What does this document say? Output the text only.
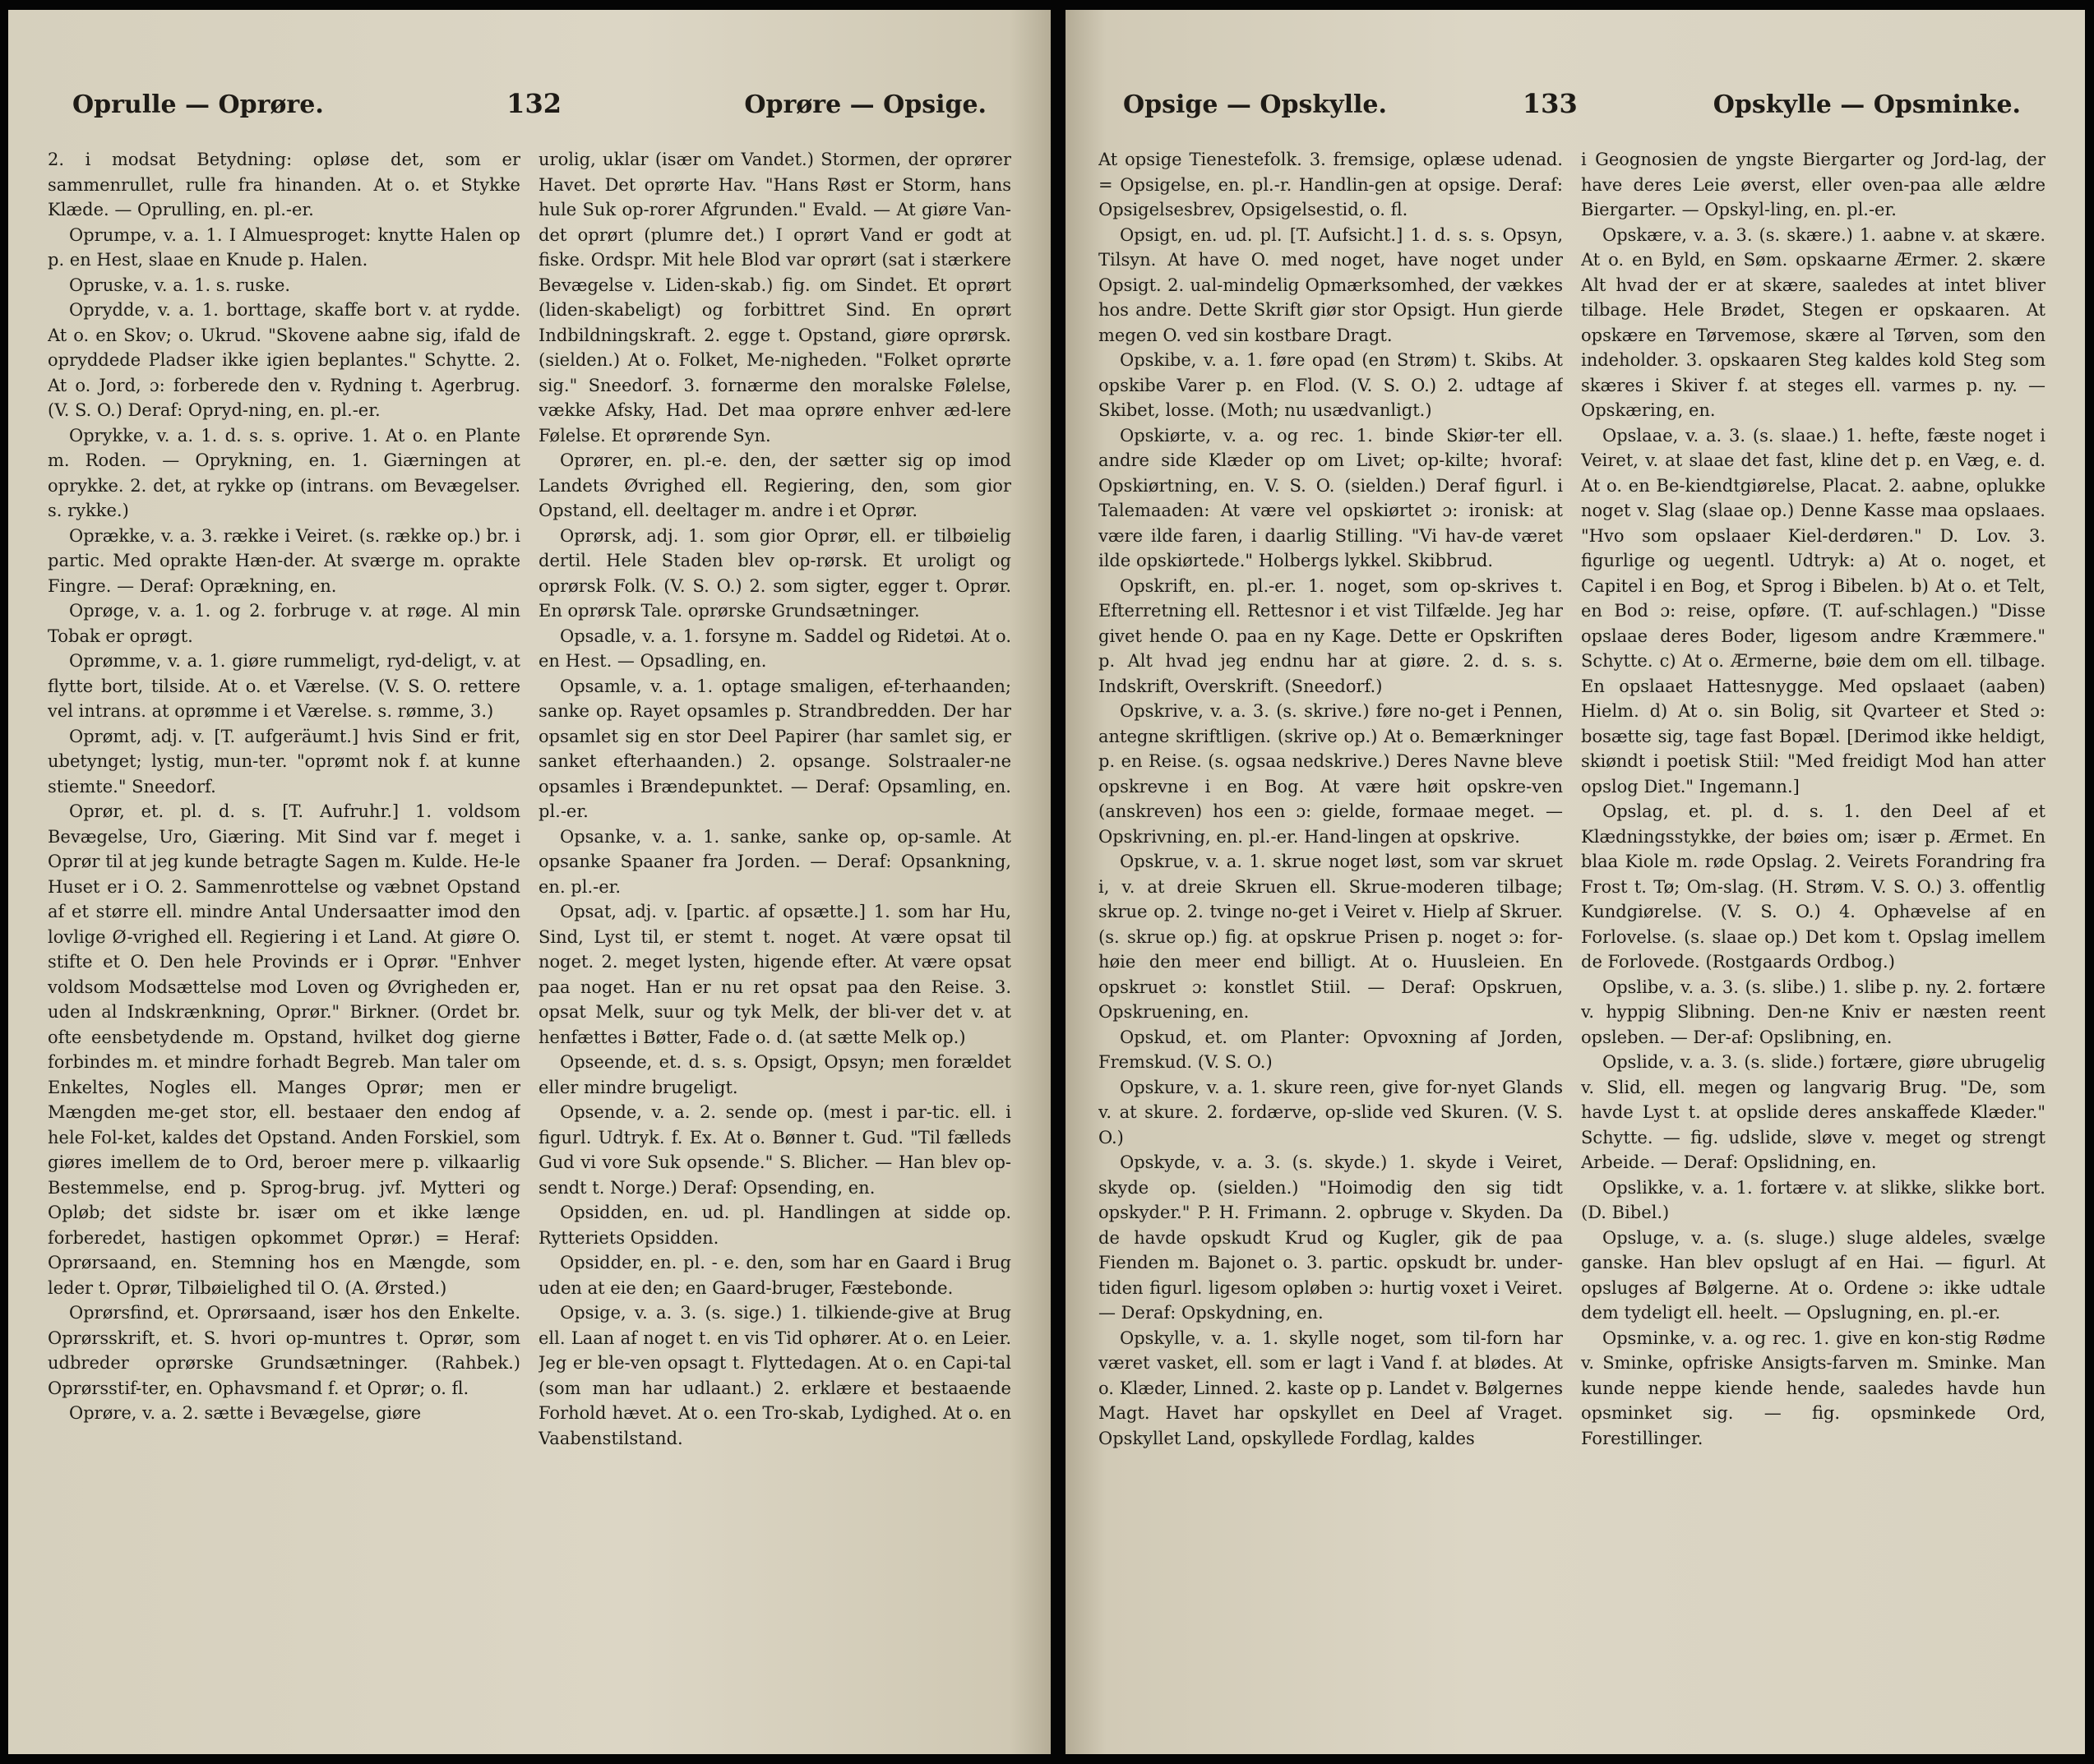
Oprulle — Oprøre.	132	Oprøre — Opsige.

2. i modsat Betydning: opløse det, som er sammenrullet, rulle fra hinanden. At o. et Stykke Klæde. — Oprulling, en. pl.-er.

Oprumpe, v. a. 1. I Almuesproget: knytte Halen op p. en Hest, slaae en Knude p. Halen.

Opruske, v. a. 1. s. ruske.

Oprydde, v. a. 1. borttage, skaffe bort v. at rydde. At o. en Skov; o. Ukrud. "Skovene aabne sig, ifald de opryddede Pladser ikke igien beplantes." Schytte. 2. At o. Jord, ɔ: forberede den v. Rydning t. Agerbrug. (V. S. O.) Deraf: Opryd-ning, en. pl.-er.

Oprykke, v. a. 1. d. s. s. oprive. 1. At o. en Plante m. Roden. — Oprykning, en. 1. Giærningen at oprykke. 2. det, at rykke op (intrans. om Bevægelser. s. rykke.)

Oprække, v. a. 3. række i Veiret. (s. række op.) br. i partic. Med oprakte Hæn-der. At sværge m. oprakte Fingre. — Deraf: Oprækning, en.

Oprøge, v. a. 1. og 2. forbruge v. at røge. Al min Tobak er oprøgt.

Oprømme, v. a. 1. giøre rummeligt, ryd-deligt, v. at flytte bort, tilside. At o. et Værelse. (V. S. O. rettere vel intrans. at oprømme i et Værelse. s. rømme, 3.)

Oprømt, adj. v. [T. aufgeräumt.] hvis Sind er frit, ubetynget; lystig, mun-ter. "oprømt nok f. at kunne stiemte." Sneedorf.

Oprør, et. pl. d. s. [T. Aufruhr.] 1. voldsom Bevægelse, Uro, Giæring. Mit Sind var f. meget i Oprør til at jeg kunde betragte Sagen m. Kulde. He-le Huset er i O. 2. Sammenrottelse og væbnet Opstand af et større ell. mindre Antal Undersaatter imod den lovlige Ø-vrighed ell. Regiering i et Land. At giøre O. stifte et O. Den hele Provinds er i Oprør. "Enhver voldsom Modsættelse mod Loven og Øvrigheden er, uden al Indskrænkning, Oprør." Birkner. (Ordet br. ofte eensbetydende m. Opstand, hvilket dog gierne forbindes m. et mindre forhadt Begreb. Man taler om Enkeltes, Nogles ell. Manges Oprør; men er Mængden me-get stor, ell. bestaaer den endog af hele Fol-ket, kaldes det Opstand. Anden Forskiel, som giøres imellem de to Ord, beroer mere p. vilkaarlig Bestemmelse, end p. Sprog-brug. jvf. Mytteri og Opløb; det sidste br. især om et ikke længe forberedet, hastigen opkommet Oprør.) = Heraf: Oprørsaand, en. Stemning hos en Mængde, som leder t. Oprør, Tilbøielighed til O. (A. Ørsted.)

Oprørsfind, et. Oprørsaand, især hos den Enkelte. Oprørsskrift, et. S. hvori op-muntres t. Oprør, som udbreder oprørske Grundsætninger. (Rahbek.) Oprørsstif-ter, en. Ophavsmand f. et Oprør; o. fl.

Oprøre, v. a. 2. sætte i Bevægelse, giøre

urolig, uklar (især om Vandet.) Stormen, der oprører Havet. Det oprørte Hav. "Hans Røst er Storm, hans hule Suk op-rorer Afgrunden." Evald. — At giøre Van-det oprørt (plumre det.) I oprørt Vand er godt at fiske. Ordspr. Mit hele Blod var oprørt (sat i stærkere Bevægelse v. Liden-skab.) fig. om Sindet. Et oprørt (liden-skabeligt) og forbittret Sind. En oprørt Indbildningskraft. 2. egge t. Opstand, giøre oprørsk. (sielden.) At o. Folket, Me-nigheden. "Folket oprørte sig." Sneedorf. 3. fornærme den moralske Følelse, vække Afsky, Had. Det maa oprøre enhver æd-lere Følelse. Et oprørende Syn.

Oprører, en. pl.-e. den, der sætter sig op imod Landets Øvrighed ell. Regiering, den, som gior Opstand, ell. deeltager m. andre i et Oprør.

Oprørsk, adj. 1. som gior Oprør, ell. er tilbøielig dertil. Hele Staden blev op-rørsk. Et uroligt og oprørsk Folk. (V. S. O.) 2. som sigter, egger t. Oprør. En oprørsk Tale. oprørske Grundsætninger.

Opsadle, v. a. 1. forsyne m. Saddel og Ridetøi. At o. en Hest. — Opsadling, en.

Opsamle, v. a. 1. optage smaligen, ef-terhaanden; sanke op. Rayet opsamles p. Strandbredden. Der har opsamlet sig en stor Deel Papirer (har samlet sig, er sanket efterhaanden.) 2. opsange. Solstraaler-ne opsamles i Brændepunktet. — Deraf: Opsamling, en. pl.-er.

Opsanke, v. a. 1. sanke, sanke op, op-samle. At opsanke Spaaner fra Jorden. — Deraf: Opsankning, en. pl.-er.

Opsat, adj. v. [partic. af opsætte.] 1. som har Hu, Sind, Lyst til, er stemt t. noget. At være opsat til noget. 2. meget lysten, higende efter. At være opsat paa noget. Han er nu ret opsat paa den Reise. 3. opsat Melk, suur og tyk Melk, der bli-ver det v. at henfættes i Bøtter, Fade o. d. (at sætte Melk op.)

Opseende, et. d. s. s. Opsigt, Opsyn; men forældet eller mindre brugeligt.

Opsende, v. a. 2. sende op. (mest i par-tic. ell. i figurl. Udtryk. f. Ex. At o. Bønner t. Gud. "Til fælleds Gud vi vore Suk opsende." S. Blicher. — Han blev op-sendt t. Norge.) Deraf: Opsending, en.

Opsidden, en. ud. pl. Handlingen at sidde op. Rytteriets Opsidden.

Opsidder, en. pl. - e. den, som har en Gaard i Brug uden at eie den; en Gaard-bruger, Fæstebonde.

Opsige, v. a. 3. (s. sige.) 1. tilkiende-give at Brug ell. Laan af noget t. en vis Tid ophører. At o. en Leier. Jeg er ble-ven opsagt t. Flyttedagen. At o. en Capi-tal (som man har udlaant.) 2. erklære et bestaaende Forhold hævet. At o. een Tro-skab, Lydighed. At o. en Vaabenstilstand.

Opsige — Opskylle.	133	Opskylle — Opsminke.

At opsige Tienestefolk. 3. fremsige, oplæse udenad. = Opsigelse, en. pl.-r. Handlin-gen at opsige. Deraf: Opsigelsesbrev, Opsigelsestid, o. fl.

Opsigt, en. ud. pl. [T. Aufsicht.] 1. d. s. s. Opsyn, Tilsyn. At have O. med noget, have noget under Opsigt. 2. ual-mindelig Opmærksomhed, der vækkes hos andre. Dette Skrift giør stor Opsigt. Hun gierde megen O. ved sin kostbare Dragt.

Opskibe, v. a. 1. føre opad (en Strøm) t. Skibs. At opskibe Varer p. en Flod. (V. S. O.) 2. udtage af Skibet, losse. (Moth; nu usædvanligt.)

Opskiørte, v. a. og rec. 1. binde Skiør-ter ell. andre side Klæder op om Livet; op-kilte; hvoraf: Opskiørtning, en. V. S. O. (sielden.) Deraf figurl. i Talemaaden: At være vel opskiørtet ɔ: ironisk: at være ilde faren, i daarlig Stilling. "Vi hav-de været ilde opskiørtede." Holbergs lykkel. Skibbrud.

Opskrift, en. pl.-er. 1. noget, som op-skrives t. Efterretning ell. Rettesnor i et vist Tilfælde. Jeg har givet hende O. paa en ny Kage. Dette er Opskriften p. Alt hvad jeg endnu har at giøre. 2. d. s. s. Indskrift, Overskrift. (Sneedorf.)

Opskrive, v. a. 3. (s. skrive.) føre no-get i Pennen, antegne skriftligen. (skrive op.) At o. Bemærkninger p. en Reise. (s. ogsaa nedskrive.) Deres Navne bleve opskrevne i en Bog. At være høit opskre-ven (anskreven) hos een ɔ: gielde, formaae meget. — Opskrivning, en. pl.-er. Hand-lingen at opskrive.

Opskrue, v. a. 1. skrue noget løst, som var skruet i, v. at dreie Skruen ell. Skrue-moderen tilbage; skrue op. 2. tvinge no-get i Veiret v. Hielp af Skruer. (s. skrue op.) fig. at opskrue Prisen p. noget ɔ: for-høie den meer end billigt. At o. Huusleien. En opskruet ɔ: konstlet Stiil. — Deraf: Opskruen, Opskruening, en.

Opskud, et. om Planter: Opvoxning af Jorden, Fremskud. (V. S. O.)

Opskure, v. a. 1. skure reen, give for-nyet Glands v. at skure. 2. fordærve, op-slide ved Skuren. (V. S. O.)

Opskyde, v. a. 3. (s. skyde.) 1. skyde i Veiret, skyde op. (sielden.) "Hoimodig den sig tidt opskyder." P. H. Frimann. 2. opbruge v. Skyden. Da de havde opskudt Krud og Kugler, gik de paa Fienden m. Bajonet o. 3. partic. opskudt br. under-tiden figurl. ligesom opløben ɔ: hurtig voxet i Veiret. — Deraf: Opskydning, en.

Opskylle, v. a. 1. skylle noget, som til-forn har været vasket, ell. som er lagt i Vand f. at blødes. At o. Klæder, Linned. 2. kaste op p. Landet v. Bølgernes Magt. Havet har opskyllet en Deel af Vraget. Opskyllet Land, opskyllede Fordlag, kaldes

i Geognosien de yngste Biergarter og Jord-lag, der have deres Leie øverst, eller oven-paa alle ældre Biergarter. — Opskyl-ling, en. pl.-er.

Opskære, v. a. 3. (s. skære.) 1. aabne v. at skære. At o. en Byld, en Søm. opskaarne Ærmer. 2. skære Alt hvad der er at skære, saaledes at intet bliver tilbage. Hele Brødet, Stegen er opskaaren. At opskære en Tørvemose, skære al Tørven, som den indeholder. 3. opskaaren Steg kaldes kold Steg som skæres i Skiver f. at steges ell. varmes p. ny. — Opskæring, en.

Opslaae, v. a. 3. (s. slaae.) 1. hefte, fæste noget i Veiret, v. at slaae det fast, kline det p. en Væg, e. d. At o. en Be-kiendtgiørelse, Placat. 2. aabne, oplukke noget v. Slag (slaae op.) Denne Kasse maa opslaaes. "Hvo som opslaaer Kiel-derdøren." D. Lov. 3. figurlige og uegentl. Udtryk: a) At o. noget, et Capitel i en Bog, et Sprog i Bibelen. b) At o. et Telt, en Bod ɔ: reise, opføre. (T. auf-schlagen.) "Disse opslaae deres Boder, ligesom andre Kræmmere." Schytte. c) At o. Ærmerne, bøie dem om ell. tilbage. En opslaaet Hattesnygge. Med opslaaet (aaben) Hielm. d) At o. sin Bolig, sit Qvarteer et Sted ɔ: bosætte sig, tage fast Bopæl. [Derimod ikke heldigt, skiøndt i poetisk Stiil: "Med freidigt Mod han atter opslog Diet." Ingemann.]

Opslag, et. pl. d. s. 1. den Deel af et Klædningsstykke, der bøies om; især p. Ærmet. En blaa Kiole m. røde Opslag. 2. Veirets Forandring fra Frost t. Tø; Om-slag. (H. Strøm. V. S. O.) 3. offentlig Kundgiørelse. (V. S. O.) 4. Ophævelse af en Forlovelse. (s. slaae op.) Det kom t. Opslag imellem de Forlovede. (Rostgaards Ordbog.)

Opslibe, v. a. 3. (s. slibe.) 1. slibe p. ny. 2. fortære v. hyppig Slibning. Den-ne Kniv er næsten reent opsleben. — Der-af: Opslibning, en.

Opslide, v. a. 3. (s. slide.) fortære, giøre ubrugelig v. Slid, ell. megen og langvarig Brug. "De, som havde Lyst t. at opslide deres anskaffede Klæder." Schytte. — fig. udslide, sløve v. meget og strengt Arbeide. — Deraf: Opslidning, en.

Opslikke, v. a. 1. fortære v. at slikke, slikke bort. (D. Bibel.)

Opsluge, v. a. (s. sluge.) sluge aldeles, svælge ganske. Han blev opslugt af en Hai. — figurl. At opsluges af Bølgerne. At o. Ordene ɔ: ikke udtale dem tydeligt ell. heelt. — Opslugning, en. pl.-er.

Opsminke, v. a. og rec. 1. give en kon-stig Rødme v. Sminke, opfriske Ansigts-farven m. Sminke. Man kunde neppe kiende hende, saaledes havde hun opsminket sig. — fig. opsminkede Ord, Forestillinger.
